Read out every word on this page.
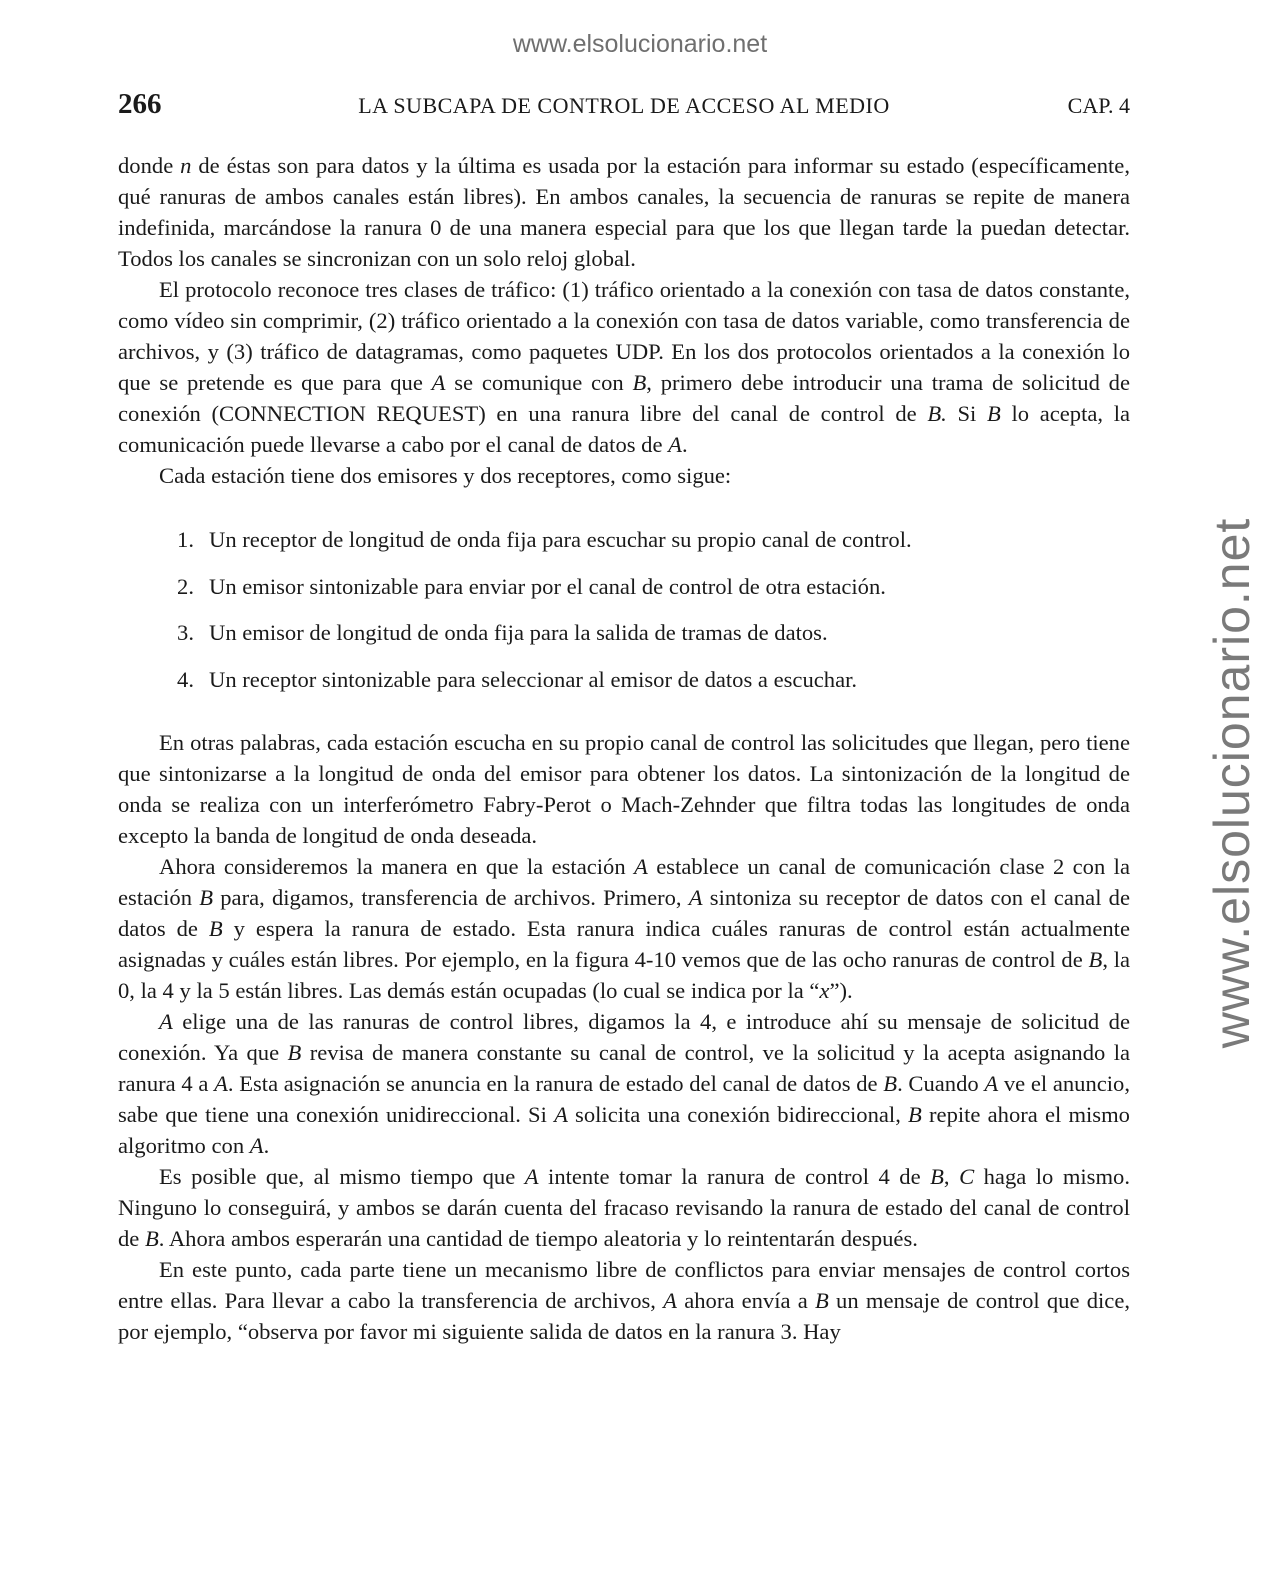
www.elsolucionario.net
www.elsolucionario.net
266	LA SUBCAPA DE CONTROL DE ACCESO AL MEDIO	CAP. 4

donde n de éstas son para datos y la última es usada por la estación para informar su estado (específicamente, qué ranuras de ambos canales están libres). En ambos canales, la secuencia de ranuras se repite de manera indefinida, marcándose la ranura 0 de una manera especial para que los que llegan tarde la puedan detectar. Todos los canales se sincronizan con un solo reloj global.

El protocolo reconoce tres clases de tráfico: (1) tráfico orientado a la conexión con tasa de datos constante, como vídeo sin comprimir, (2) tráfico orientado a la conexión con tasa de datos variable, como transferencia de archivos, y (3) tráfico de datagramas, como paquetes UDP. En los dos protocolos orientados a la conexión lo que se pretende es que para que A se comunique con B, primero debe introducir una trama de solicitud de conexión (CONNECTION REQUEST) en una ranura libre del canal de control de B. Si B lo acepta, la comunicación puede llevarse a cabo por el canal de datos de A.

Cada estación tiene dos emisores y dos receptores, como sigue:

1. Un receptor de longitud de onda fija para escuchar su propio canal de control.
2. Un emisor sintonizable para enviar por el canal de control de otra estación.
3. Un emisor de longitud de onda fija para la salida de tramas de datos.
4. Un receptor sintonizable para seleccionar al emisor de datos a escuchar.

En otras palabras, cada estación escucha en su propio canal de control las solicitudes que llegan, pero tiene que sintonizarse a la longitud de onda del emisor para obtener los datos. La sintonización de la longitud de onda se realiza con un interferómetro Fabry-Perot o Mach-Zehnder que filtra todas las longitudes de onda excepto la banda de longitud de onda deseada.

Ahora consideremos la manera en que la estación A establece un canal de comunicación clase 2 con la estación B para, digamos, transferencia de archivos. Primero, A sintoniza su receptor de datos con el canal de datos de B y espera la ranura de estado. Esta ranura indica cuáles ranuras de control están actualmente asignadas y cuáles están libres. Por ejemplo, en la figura 4-10 vemos que de las ocho ranuras de control de B, la 0, la 4 y la 5 están libres. Las demás están ocupadas (lo cual se indica por la “x”).

A elige una de las ranuras de control libres, digamos la 4, e introduce ahí su mensaje de solicitud de conexión. Ya que B revisa de manera constante su canal de control, ve la solicitud y la acepta asignando la ranura 4 a A. Esta asignación se anuncia en la ranura de estado del canal de datos de B. Cuando A ve el anuncio, sabe que tiene una conexión unidireccional. Si A solicita una conexión bidireccional, B repite ahora el mismo algoritmo con A.

Es posible que, al mismo tiempo que A intente tomar la ranura de control 4 de B, C haga lo mismo. Ninguno lo conseguirá, y ambos se darán cuenta del fracaso revisando la ranura de estado del canal de control de B. Ahora ambos esperarán una cantidad de tiempo aleatoria y lo reintentarán después.

En este punto, cada parte tiene un mecanismo libre de conflictos para enviar mensajes de control cortos entre ellas. Para llevar a cabo la transferencia de archivos, A ahora envía a B un mensaje de control que dice, por ejemplo, “observa por favor mi siguiente salida de datos en la ranura 3. Hay
